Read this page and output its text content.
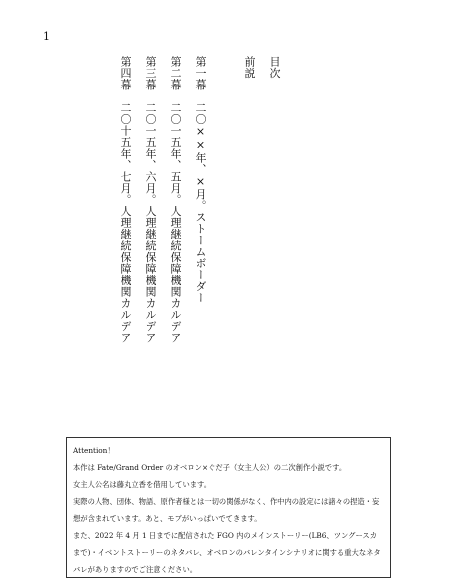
1
目次
前説
第一幕　二〇××年、×月。ストームボーダー
第二幕　二〇一五年、五月。人理継続保障機関カルデア
第三幕　二〇一五年、六月。人理継続保障機関カルデア
第四幕　二〇十五年、七月。人理継続保障機関カルデア

Attention！

本作は Fate/Grand Order のオベロン×ぐだ子（女主人公）の二次創作小説です。

女主人公名は藤丸立香を借用しています。

実際の人物、団体、物語、原作者様とは一切の関係がなく、作中内の設定には諸々の捏造・妄想が含まれています。あと、モブがいっぱいでてきます。

また、2022 年 4 月 1 日までに配信された FGO 内のメインストーリー(LB6、ツングースカまで)・イベントストーリーのネタバレ、オベロンのバレンタインシナリオに関する重大なネタバレがありますのでご注意ください。
